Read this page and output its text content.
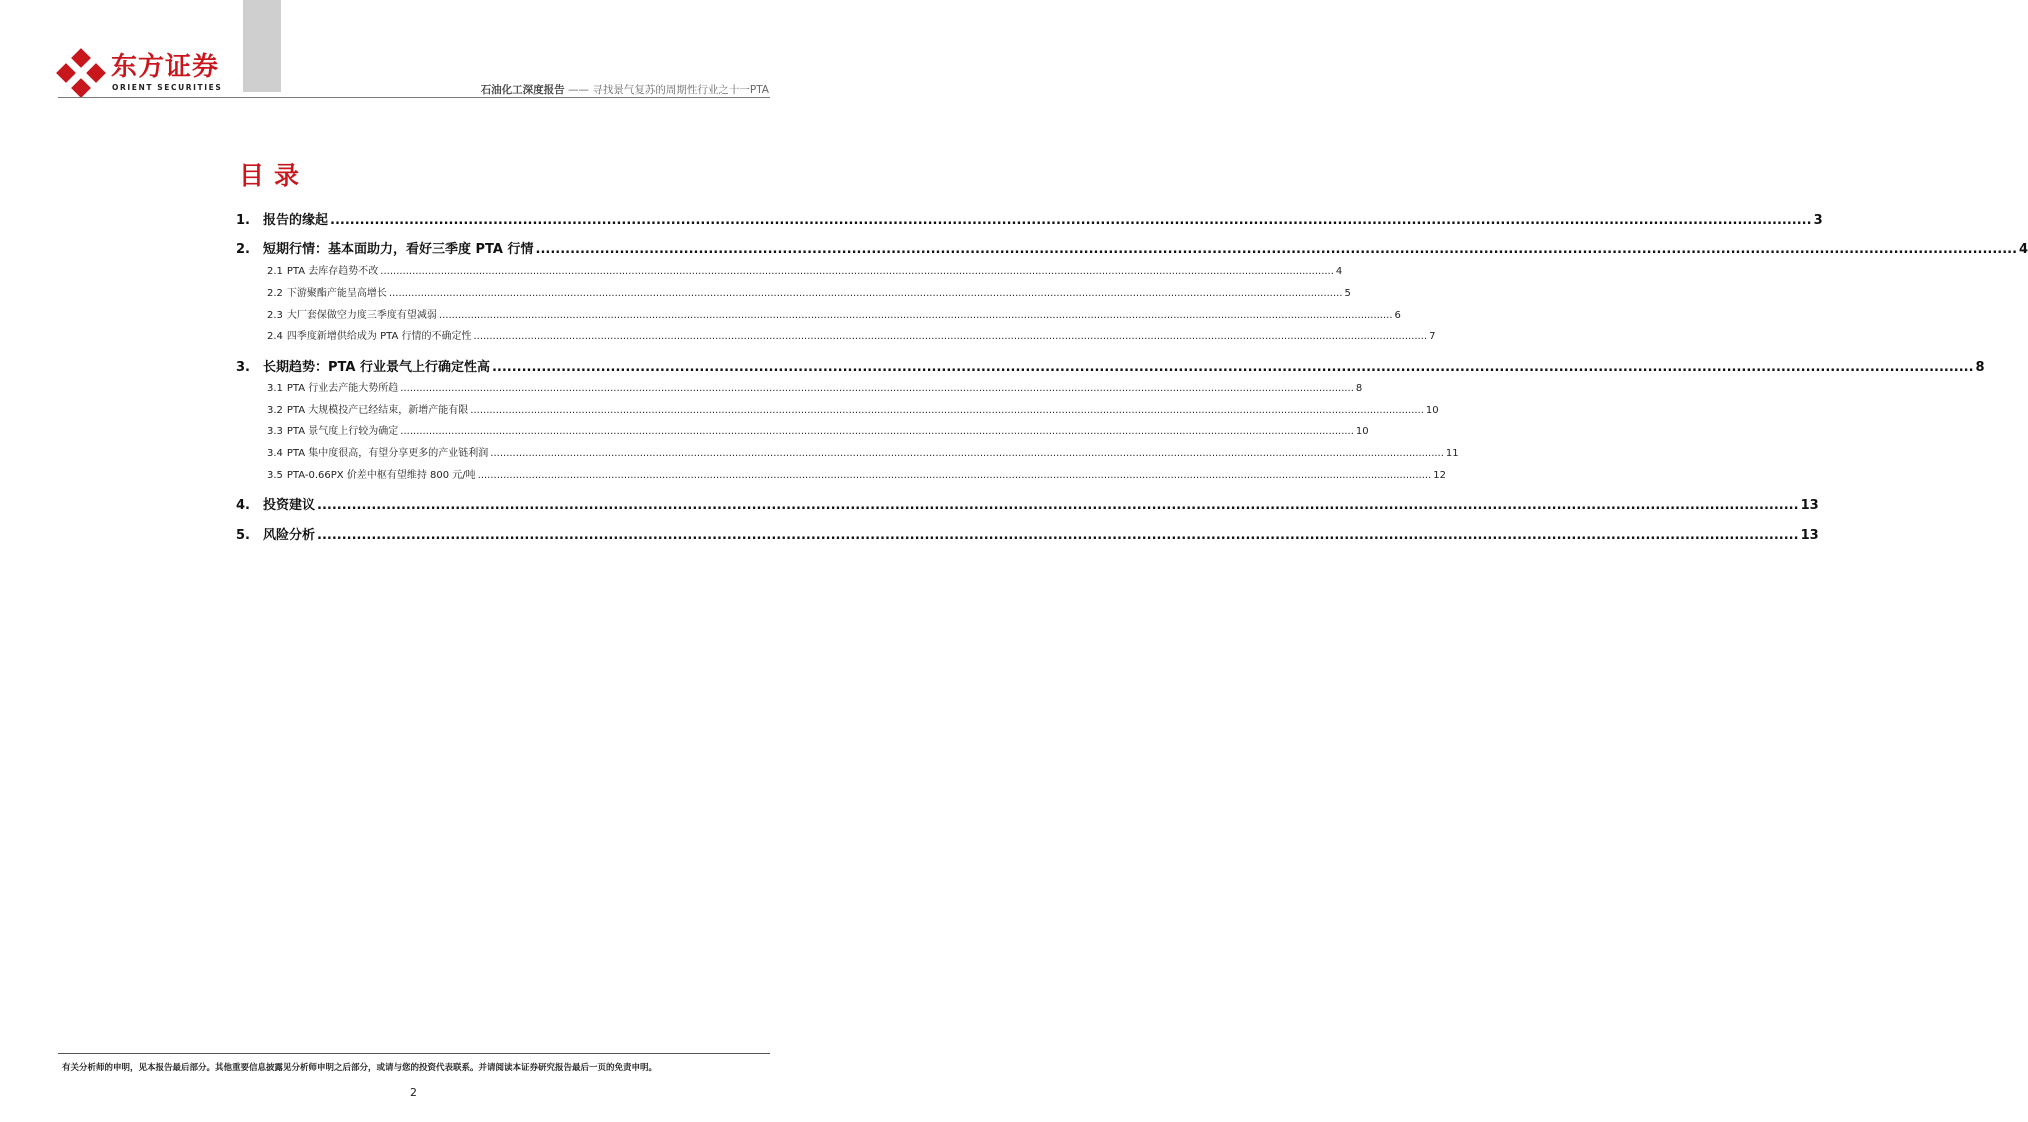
东方证券
ORIENT SECURITIES	石油化工深度报告 —— 寻找景气复苏的周期性行业之十一PTA
目录
1.	报告的缘起 ............................................................................................................................................................................................................................................................................................................ 3
2.	短期行情：基本面助力，看好三季度 PTA 行情 ............................................................................................................................................................................................................................................................................................................ 4
2.1 PTA 去库存趋势不改 ............................................................................................................................................................................................................................................................................................................ 4
2.2 下游聚酯产能呈高增长 ............................................................................................................................................................................................................................................................................................................ 5
2.3 大厂套保做空力度三季度有望减弱 ............................................................................................................................................................................................................................................................................................................ 6
2.4 四季度新增供给成为 PTA 行情的不确定性 ............................................................................................................................................................................................................................................................................................................ 7
3.	长期趋势：PTA 行业景气上行确定性高 ............................................................................................................................................................................................................................................................................................................ 8
3.1 PTA 行业去产能大势所趋 ............................................................................................................................................................................................................................................................................................................ 8
3.2 PTA 大规模投产已经结束，新增产能有限 ............................................................................................................................................................................................................................................................................................................ 10
3.3 PTA 景气度上行较为确定 ............................................................................................................................................................................................................................................................................................................ 10
3.4 PTA 集中度很高，有望分享更多的产业链利润 ............................................................................................................................................................................................................................................................................................................ 11
3.5 PTA-0.66PX 价差中枢有望维持 800 元/吨 ............................................................................................................................................................................................................................................................................................................ 12
4.	投资建议 ............................................................................................................................................................................................................................................................................................................ 13
5.	风险分析 ............................................................................................................................................................................................................................................................................................................ 13
有关分析师的申明，见本报告最后部分。其他重要信息披露见分析师申明之后部分，或请与您的投资代表联系。并请阅读本证券研究报告最后一页的免责申明。
2
